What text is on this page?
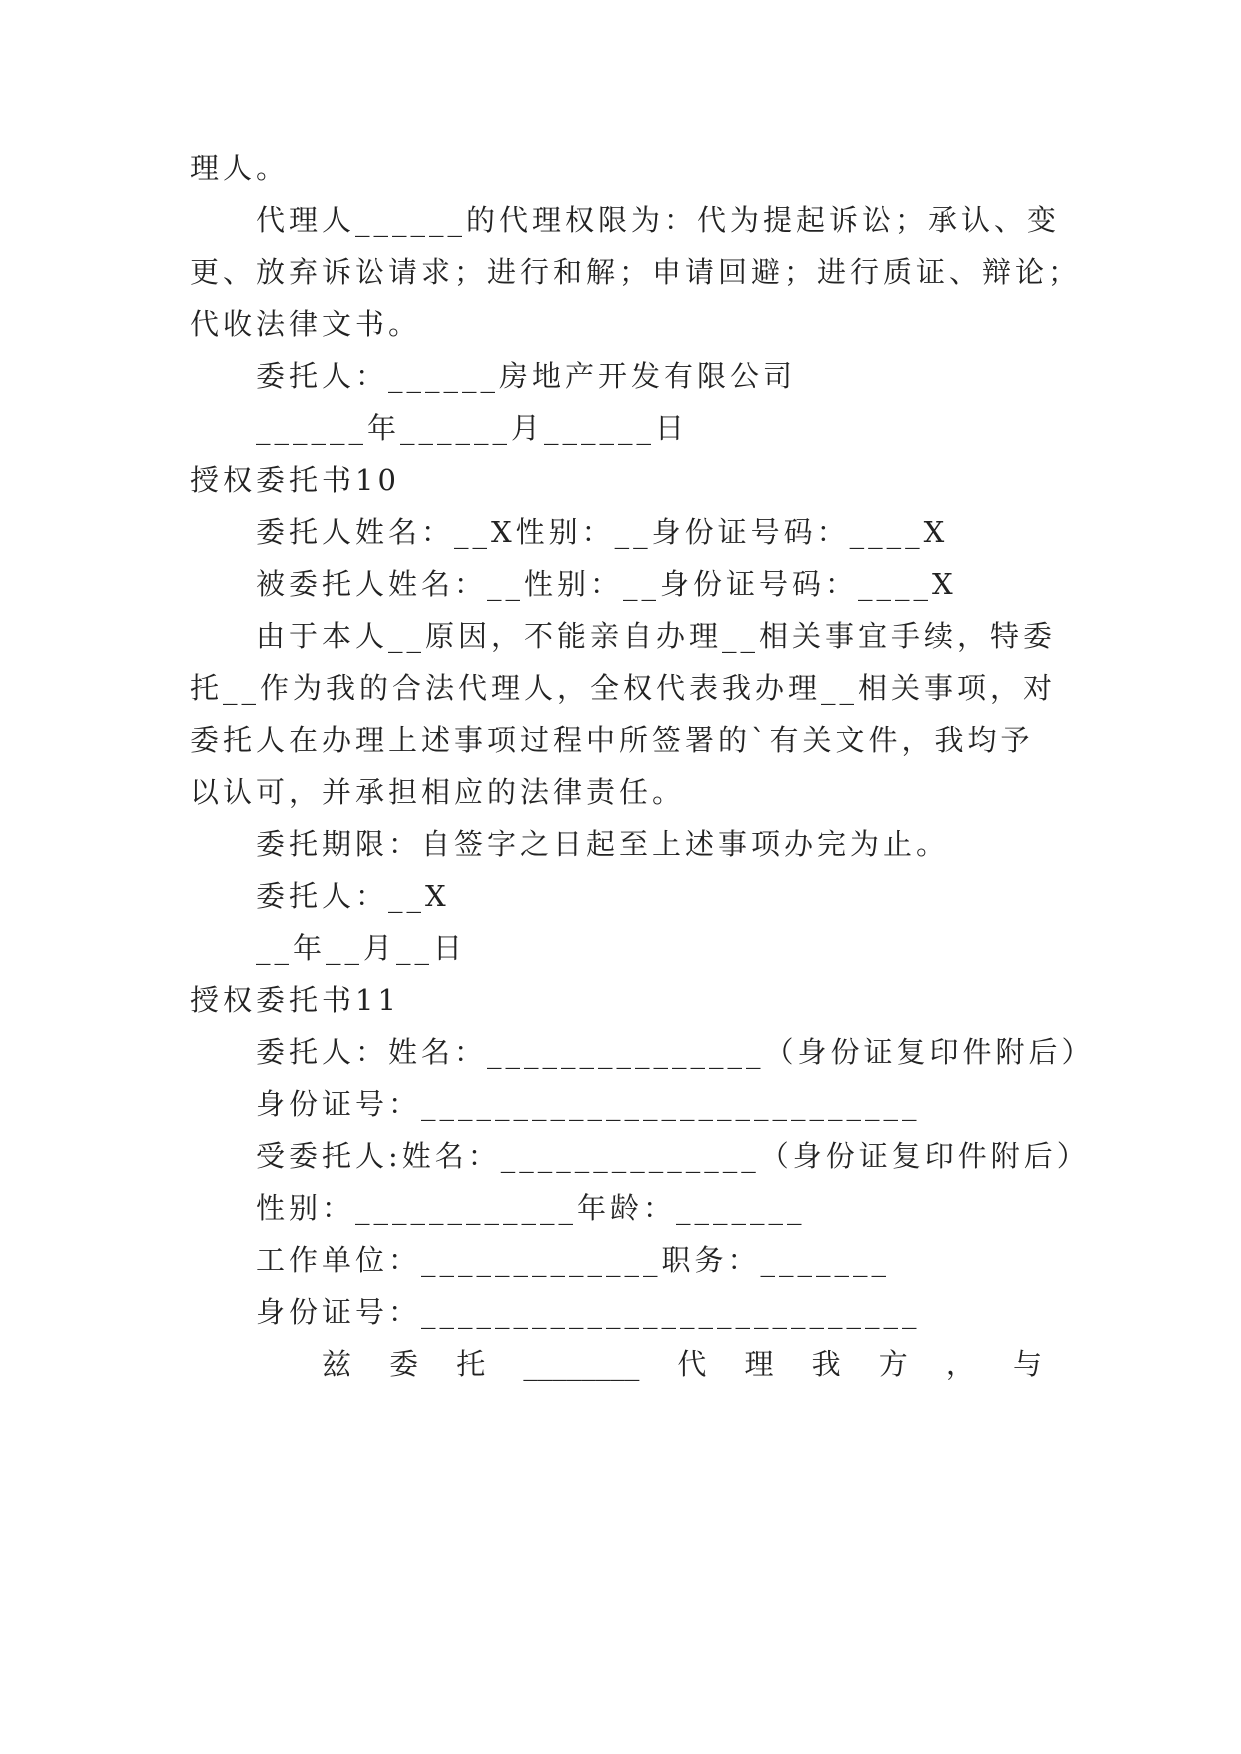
理人。
代理人______的代理权限为：代为提起诉讼；承认、变
更、放弃诉讼请求；进行和解；申请回避；进行质证、辩论；
代收法律文书。
委托人：______房地产开发有限公司
______年______月______日
授权委托书10
委托人姓名：__X性别：__身份证号码：____X
被委托人姓名：__性别：__身份证号码：____X
由于本人__原因，不能亲自办理__相关事宜手续，特委
托__作为我的合法代理人，全权代表我办理__相关事项，对
委托人在办理上述事项过程中所签署的`有关文件，我均予
以认可，并承担相应的法律责任。
委托期限：自签字之日起至上述事项办完为止。
委托人：__X
__年__月__日
授权委托书11
委托人：姓名：_______________（身份证复印件附后）
身份证号：___________________________
受委托人:姓名：______________（身份证复印件附后）
性别：____________年龄：_______
工作单位：_____________职务：_______
身份证号：___________________________
兹 委 托 ________ 代 理 我 方 ， 与
